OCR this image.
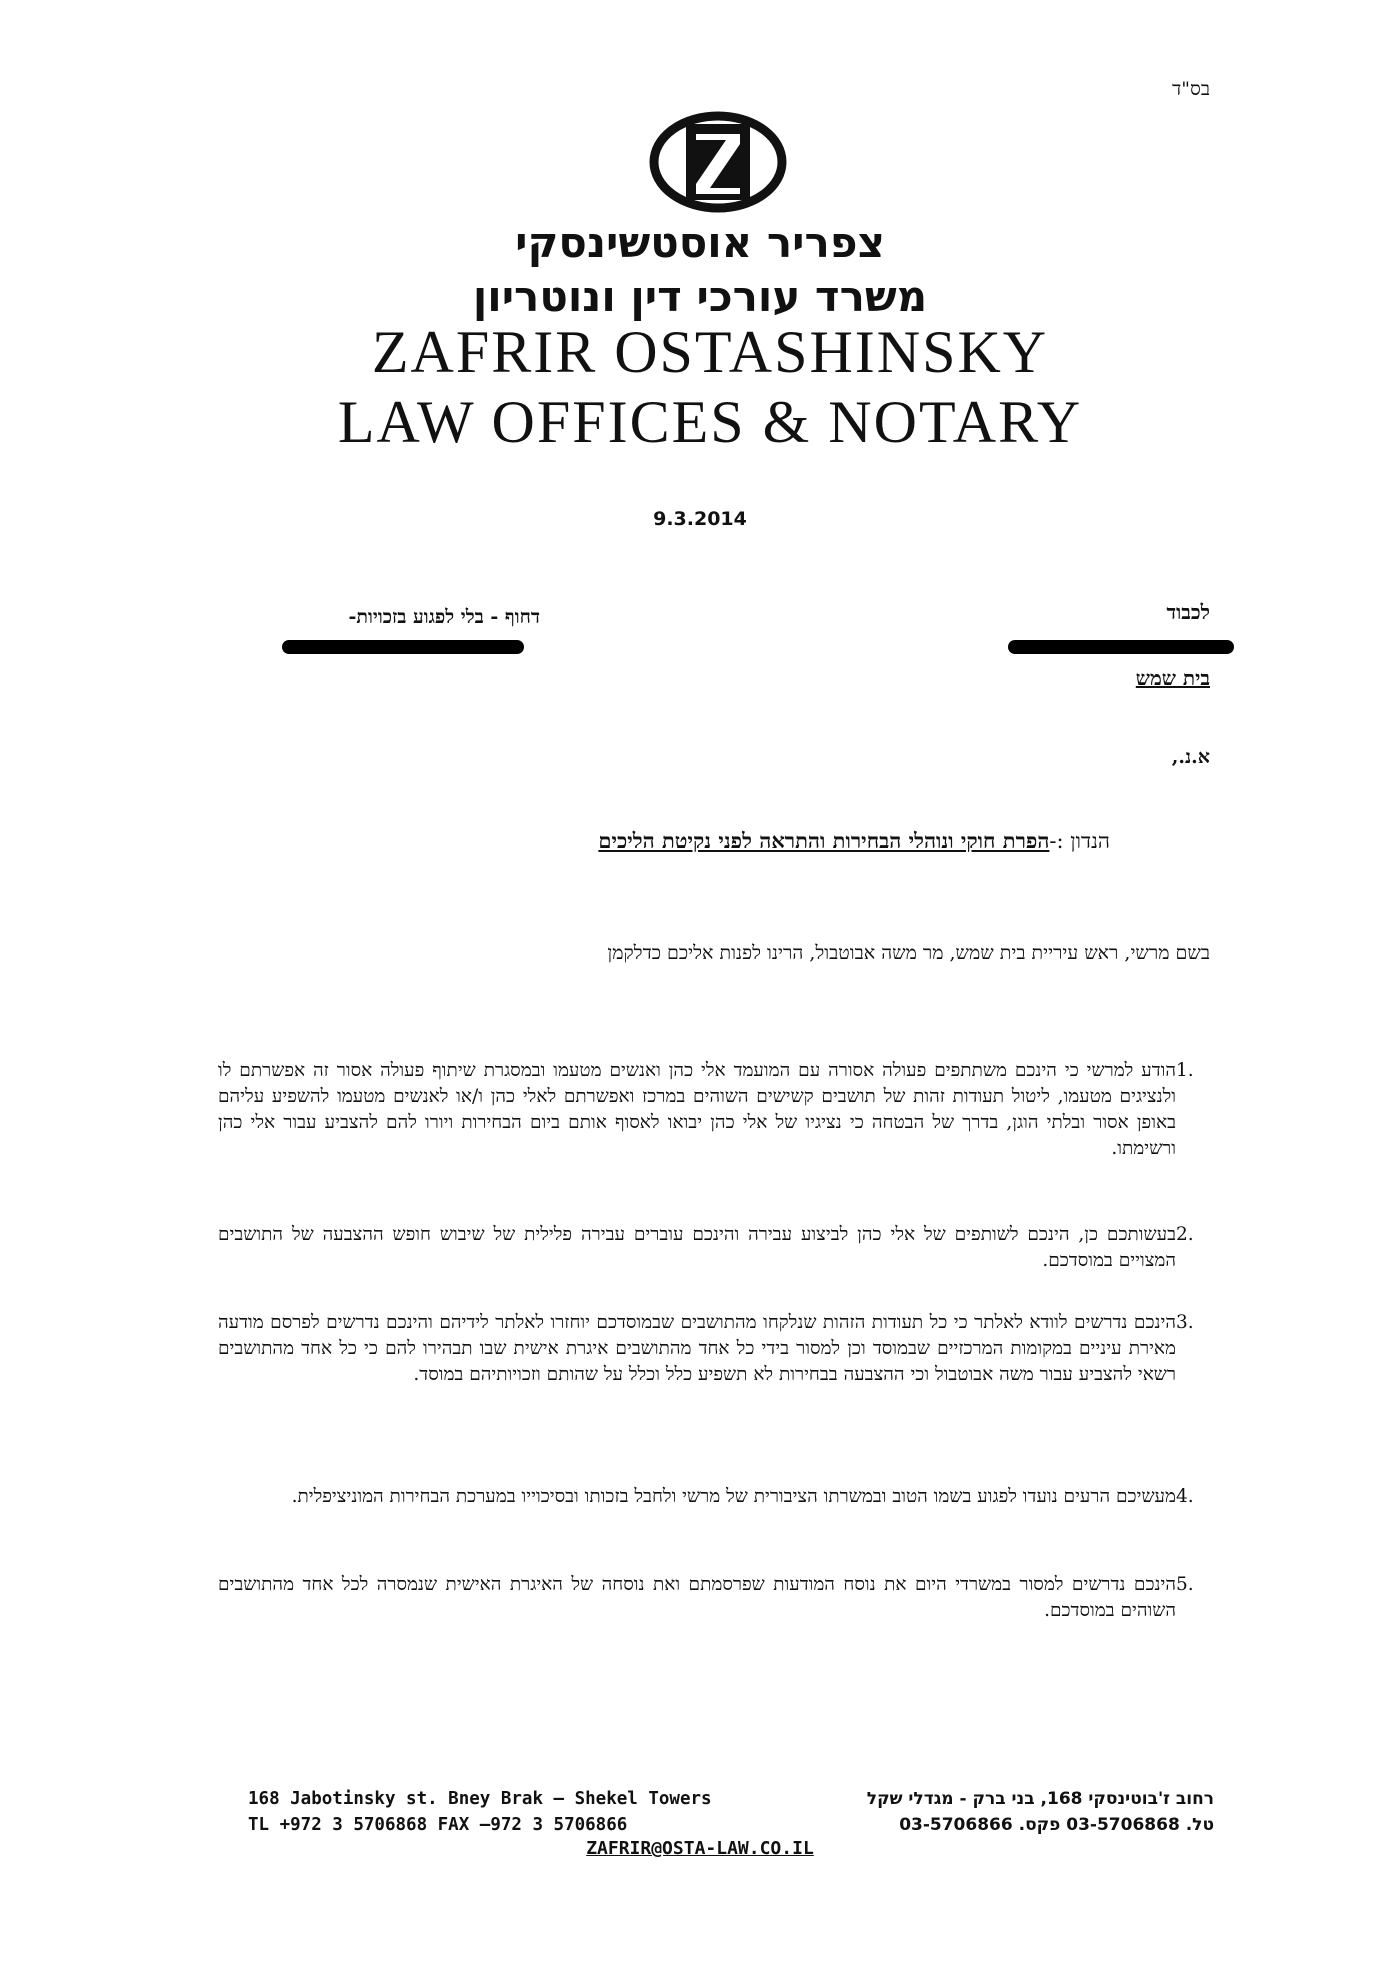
בס"ד
צפריר אוסטשינסקי
משרד עורכי דין ונוטריון
ZAFRIR OSTASHINSKY
LAW OFFICES & NOTARY
9.3.2014
לכבוד
דחוף - בלי לפגוע בזכויות-
בית שמש
א.נ.,
הנדון :-הפרת חוקי ונוהלי הבחירות והתראה לפני נקיטת הליכים
בשם מרשי, ראש עיריית בית שמש, מר משה אבוטבול, הרינו לפנות אליכם כדלקמן
1.
הודע למרשי כי הינכם משתתפים פעולה אסורה עם המועמד אלי כהן ואנשים מטעמו ובמסגרת שיתוף פעולה אסור זה אפשרתם לו ולנציגים מטעמו, ליטול תעודות זהות של תושבים קשישים השוהים במרכז ואפשרתם לאלי כהן ו/או לאנשים מטעמו להשפיע עליהם באופן אסור ובלתי הוגן, בדרך של הבטחה כי נציגיו של אלי כהן יבואו לאסוף אותם ביום הבחירות ויורו להם להצביע עבור אלי כהן ורשימתו.
2.
בעשותכם כן, הינכם לשותפים של אלי כהן לביצוע עבירה והינכם עוברים עבירה פלילית של שיבוש חופש ההצבעה של התושבים המצויים במוסדכם.
3.
הינכם נדרשים לוודא לאלתר כי כל תעודות הזהות שנלקחו מהתושבים שבמוסדכם יוחזרו לאלתר לידיהם והינכם נדרשים לפרסם מודעה מאירת עיניים במקומות המרכזיים שבמוסד וכן למסור בידי כל אחד מהתושבים איגרת אישית שבו תבהירו להם כי כל אחד מהתושבים רשאי להצביע עבור משה אבוטבול וכי ההצבעה בבחירות לא תשפיע כלל וכלל על שהותם וזכויותיהם במוסד.
4.
מעשיכם הרעים נועדו לפגוע בשמו הטוב ובמשרתו הציבורית של מרשי ולחבל בזכותו ובסיכוייו במערכת הבחירות המוניציפלית.
5.
הינכם נדרשים למסור במשרדי היום את נוסח המודעות שפרסמתם ואת נוסחה של האיגרת האישית שנמסרה לכל אחד מהתושבים השוהים במוסדכם.
168 Jabotinsky st. Bney Brak – Shekel Towers
TL +972 3 5706868 FAX –972 3 5706866
רחוב ז'בוטינסקי 168, בני ברק - מגדלי שקל
טל. 03-5706868 פקס. 03-5706866
ZAFRIR@OSTA-LAW.CO.IL
